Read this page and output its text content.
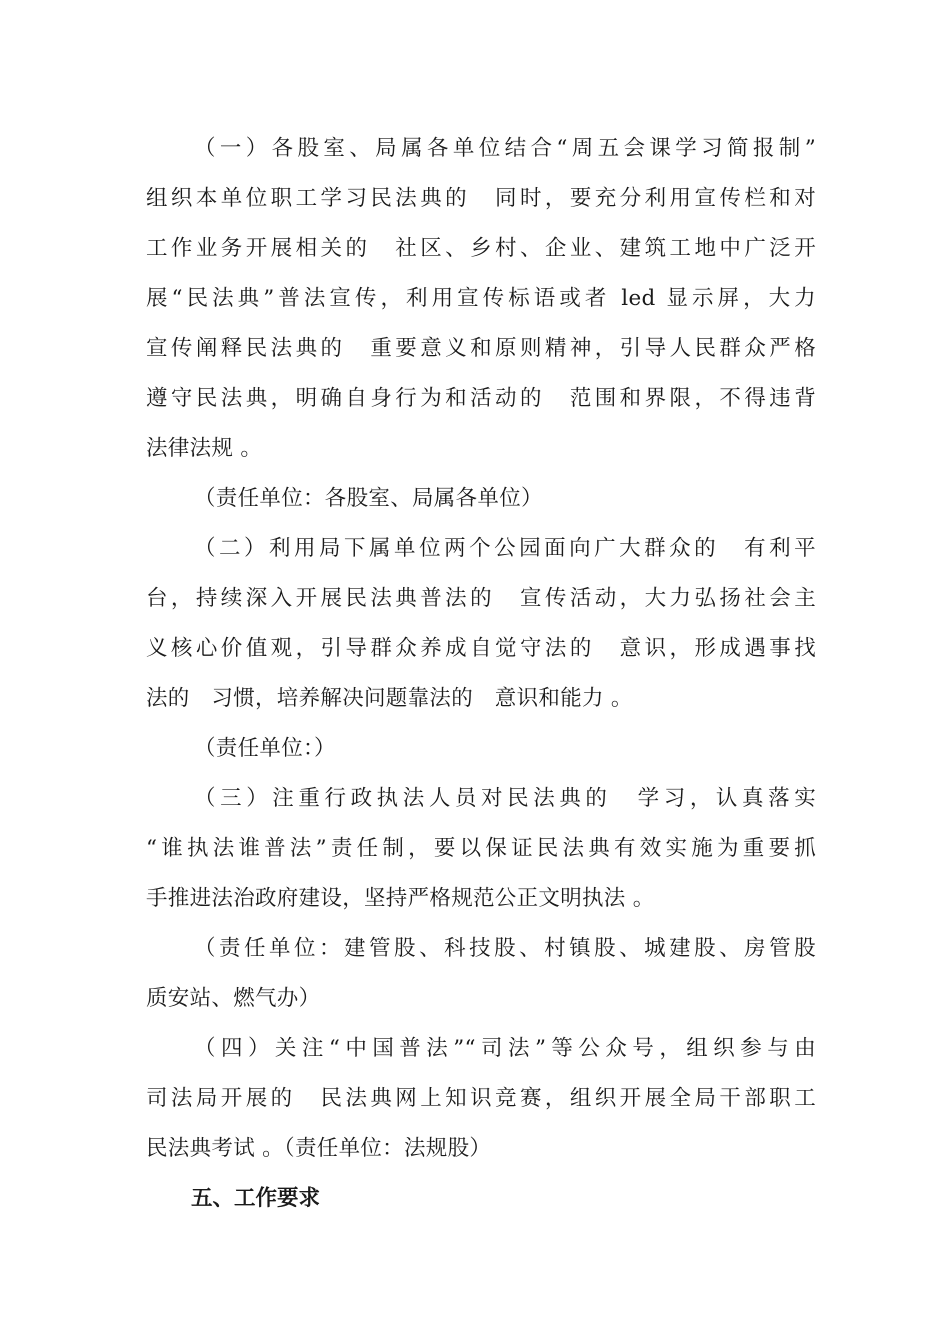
（一）各股室、局属各单位结合“周五会课学习简报制”
组织本单位职工学习民法典的　同时，要充分利用宣传栏和对
工作业务开展相关的　社区、乡村、企业、建筑工地中广泛开
展“民法典”普法宣传，利用宣传标语或者 led 显示屏，大力
宣传阐释民法典的　重要意义和原则精神，引导人民群众严格
遵守民法典，明确自身行为和活动的　范围和界限，不得违背
法律法规 。
（责任单位：各股室、局属各单位）
（二）利用局下属单位两个公园面向广大群众的　有利平
台，持续深入开展民法典普法的　宣传活动，大力弘扬社会主
义核心价值观，引导群众养成自觉守法的　意识，形成遇事找
法的　习惯，培养解决问题靠法的　意识和能力 。
（责任单位：）
（三）注重行政执法人员对民法典的　学习，认真落实
“谁执法谁普法”责任制，要以保证民法典有效实施为重要抓
手推进法治政府建设，坚持严格规范公正文明执法 。
（责任单位：建管股、科技股、村镇股、城建股、房管股
质安站、燃气办）
（四）关注“中国普法”“司法”等公众号，组织参与由
司法局开展的　民法典网上知识竞赛，组织开展全局干部职工
民法典考试 。（责任单位：法规股）
五、工作要求
